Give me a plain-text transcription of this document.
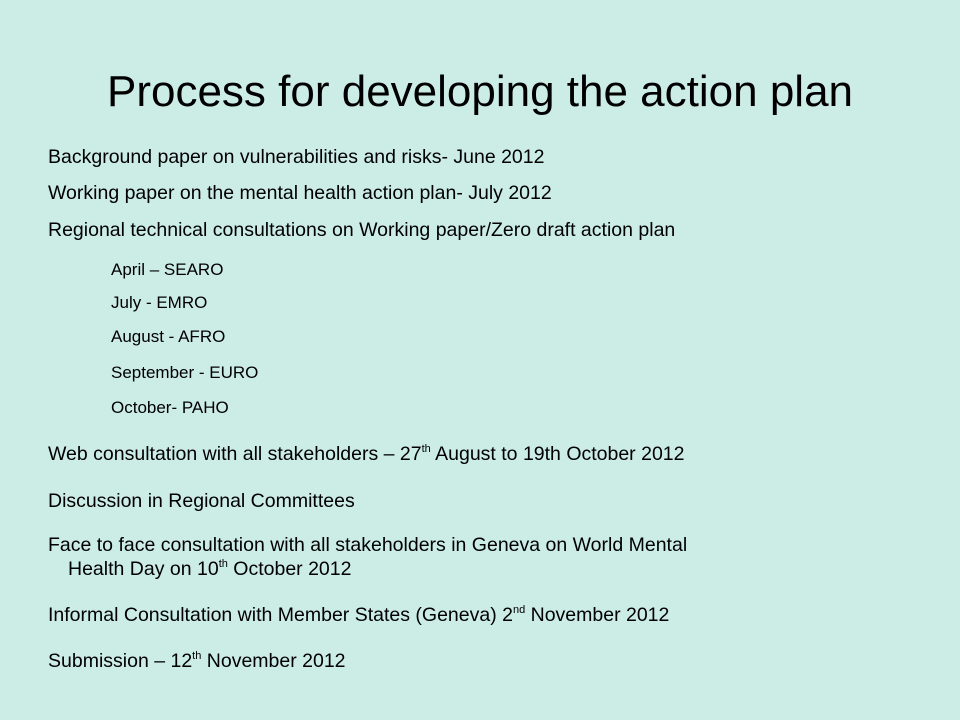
Process for developing the action plan
Background paper on vulnerabilities and risks- June 2012
Working paper on the mental health action plan- July 2012
Regional technical consultations on Working paper/Zero draft action plan
April – SEARO
July - EMRO
August - AFRO
September - EURO
October- PAHO
Web consultation with all stakeholders – 27th August to 19th October 2012
Discussion in Regional Committees
Face to face consultation with all stakeholders in Geneva on World Mental
Health Day on 10th October 2012
Informal Consultation with Member States (Geneva) 2nd November 2012
Submission – 12th November 2012
